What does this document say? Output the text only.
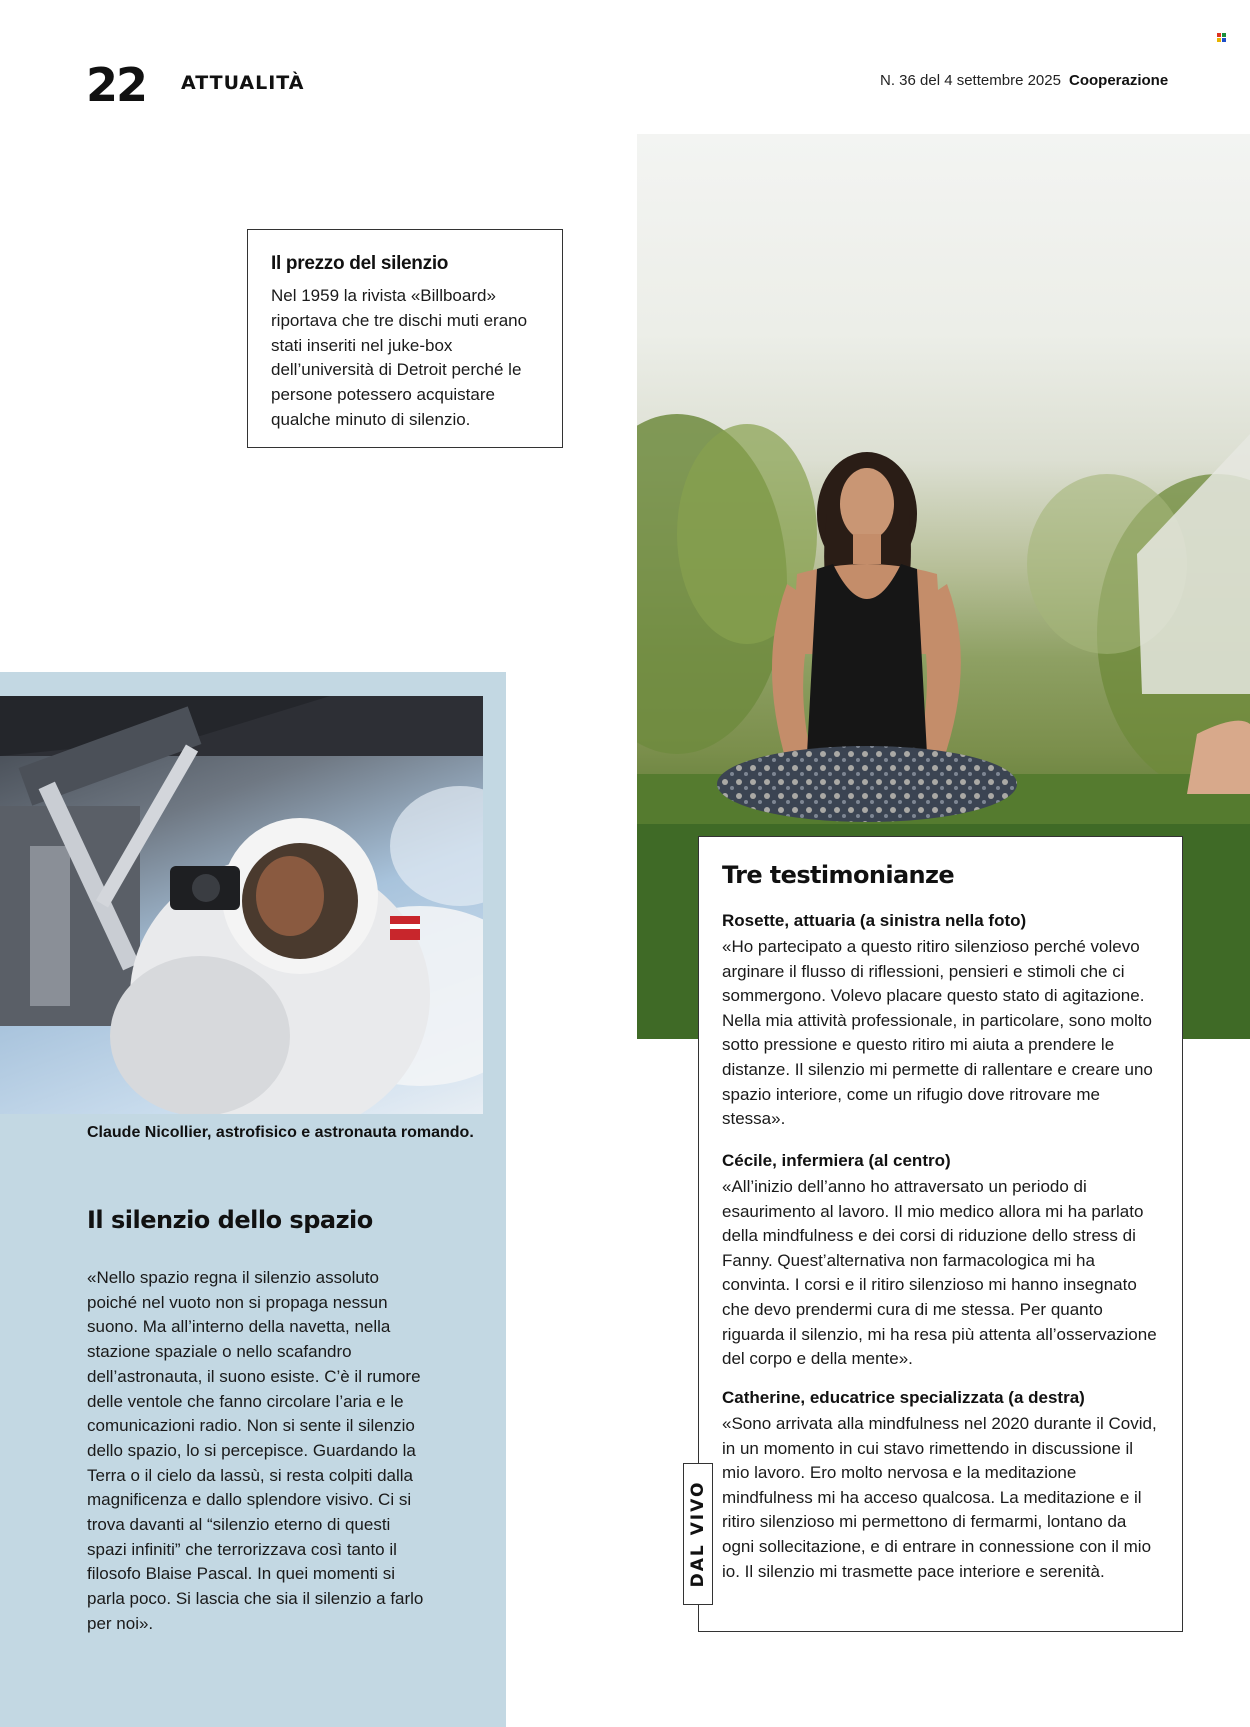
22 ATTUALITÀ	N. 36 del 4 settembre 2025 Cooperazione
Il prezzo del silenzio

Nel 1959 la rivista «Billboard» riportava che tre dischi muti erano stati inseriti nel juke-box dell’università di Detroit perché le persone potessero acquistare qualche minuto di silenzio.

Claude Nicollier, astrofisico e astronauta romando.
Il silenzio dello spazio

«Nello spazio regna il silenzio assoluto poiché nel vuoto non si propaga nessun suono. Ma all’interno della navetta, nella stazione spaziale o nello scafandro dell’astronauta, il suono esiste. C’è il rumore delle ventole che fanno circolare l’aria e le comunicazioni radio. Non si sente il silenzio dello spazio, lo si percepisce. Guardando la Terra o il cielo da lassù, si resta colpiti dalla magnificenza e dallo splendore visivo. Ci si trova davanti al “silenzio eterno di questi spazi infiniti” che terrorizzava così tanto il filosofo Blaise Pascal. In quei momenti si parla poco. Si lascia che sia il silenzio a farlo per noi».

Tre testimonianze

Rosette, attuaria (a sinistra nella foto)

«Ho partecipato a questo ritiro silenzioso perché volevo arginare il flusso di riflessioni, pensieri e stimoli che ci sommergono. Volevo placare questo stato di agitazione. Nella mia attività professionale, in particolare, sono molto sotto pressione e questo ritiro mi aiuta a prendere le distanze. Il silenzio mi permette di rallentare e creare uno spazio interiore, come un rifugio dove ritrovare me stessa».

Cécile, infermiera (al centro)

«All’inizio dell’anno ho attraversato un periodo di esaurimento al lavoro. Il mio medico allora mi ha parlato della mindfulness e dei corsi di riduzione dello stress di Fanny. Quest’alternativa non farmacologica mi ha convinta. I corsi e il ritiro silenzioso mi hanno insegnato che devo prendermi cura di me stessa. Per quanto riguarda il silenzio, mi ha resa più attenta all’osservazione del corpo e della mente».

Catherine, educatrice specializzata (a destra)

«Sono arrivata alla mindfulness nel 2020 durante il Covid, in un momento in cui stavo rimettendo in discussione il mio lavoro. Ero molto nervosa e la meditazione mindfulness mi ha acceso qualcosa. La meditazione e il ritiro silenzioso mi permettono di fermarmi, lontano da ogni sollecitazione, e di entrare in connessione con il mio io. Il silenzio mi trasmette pace interiore e serenità.

DAL VIVO
